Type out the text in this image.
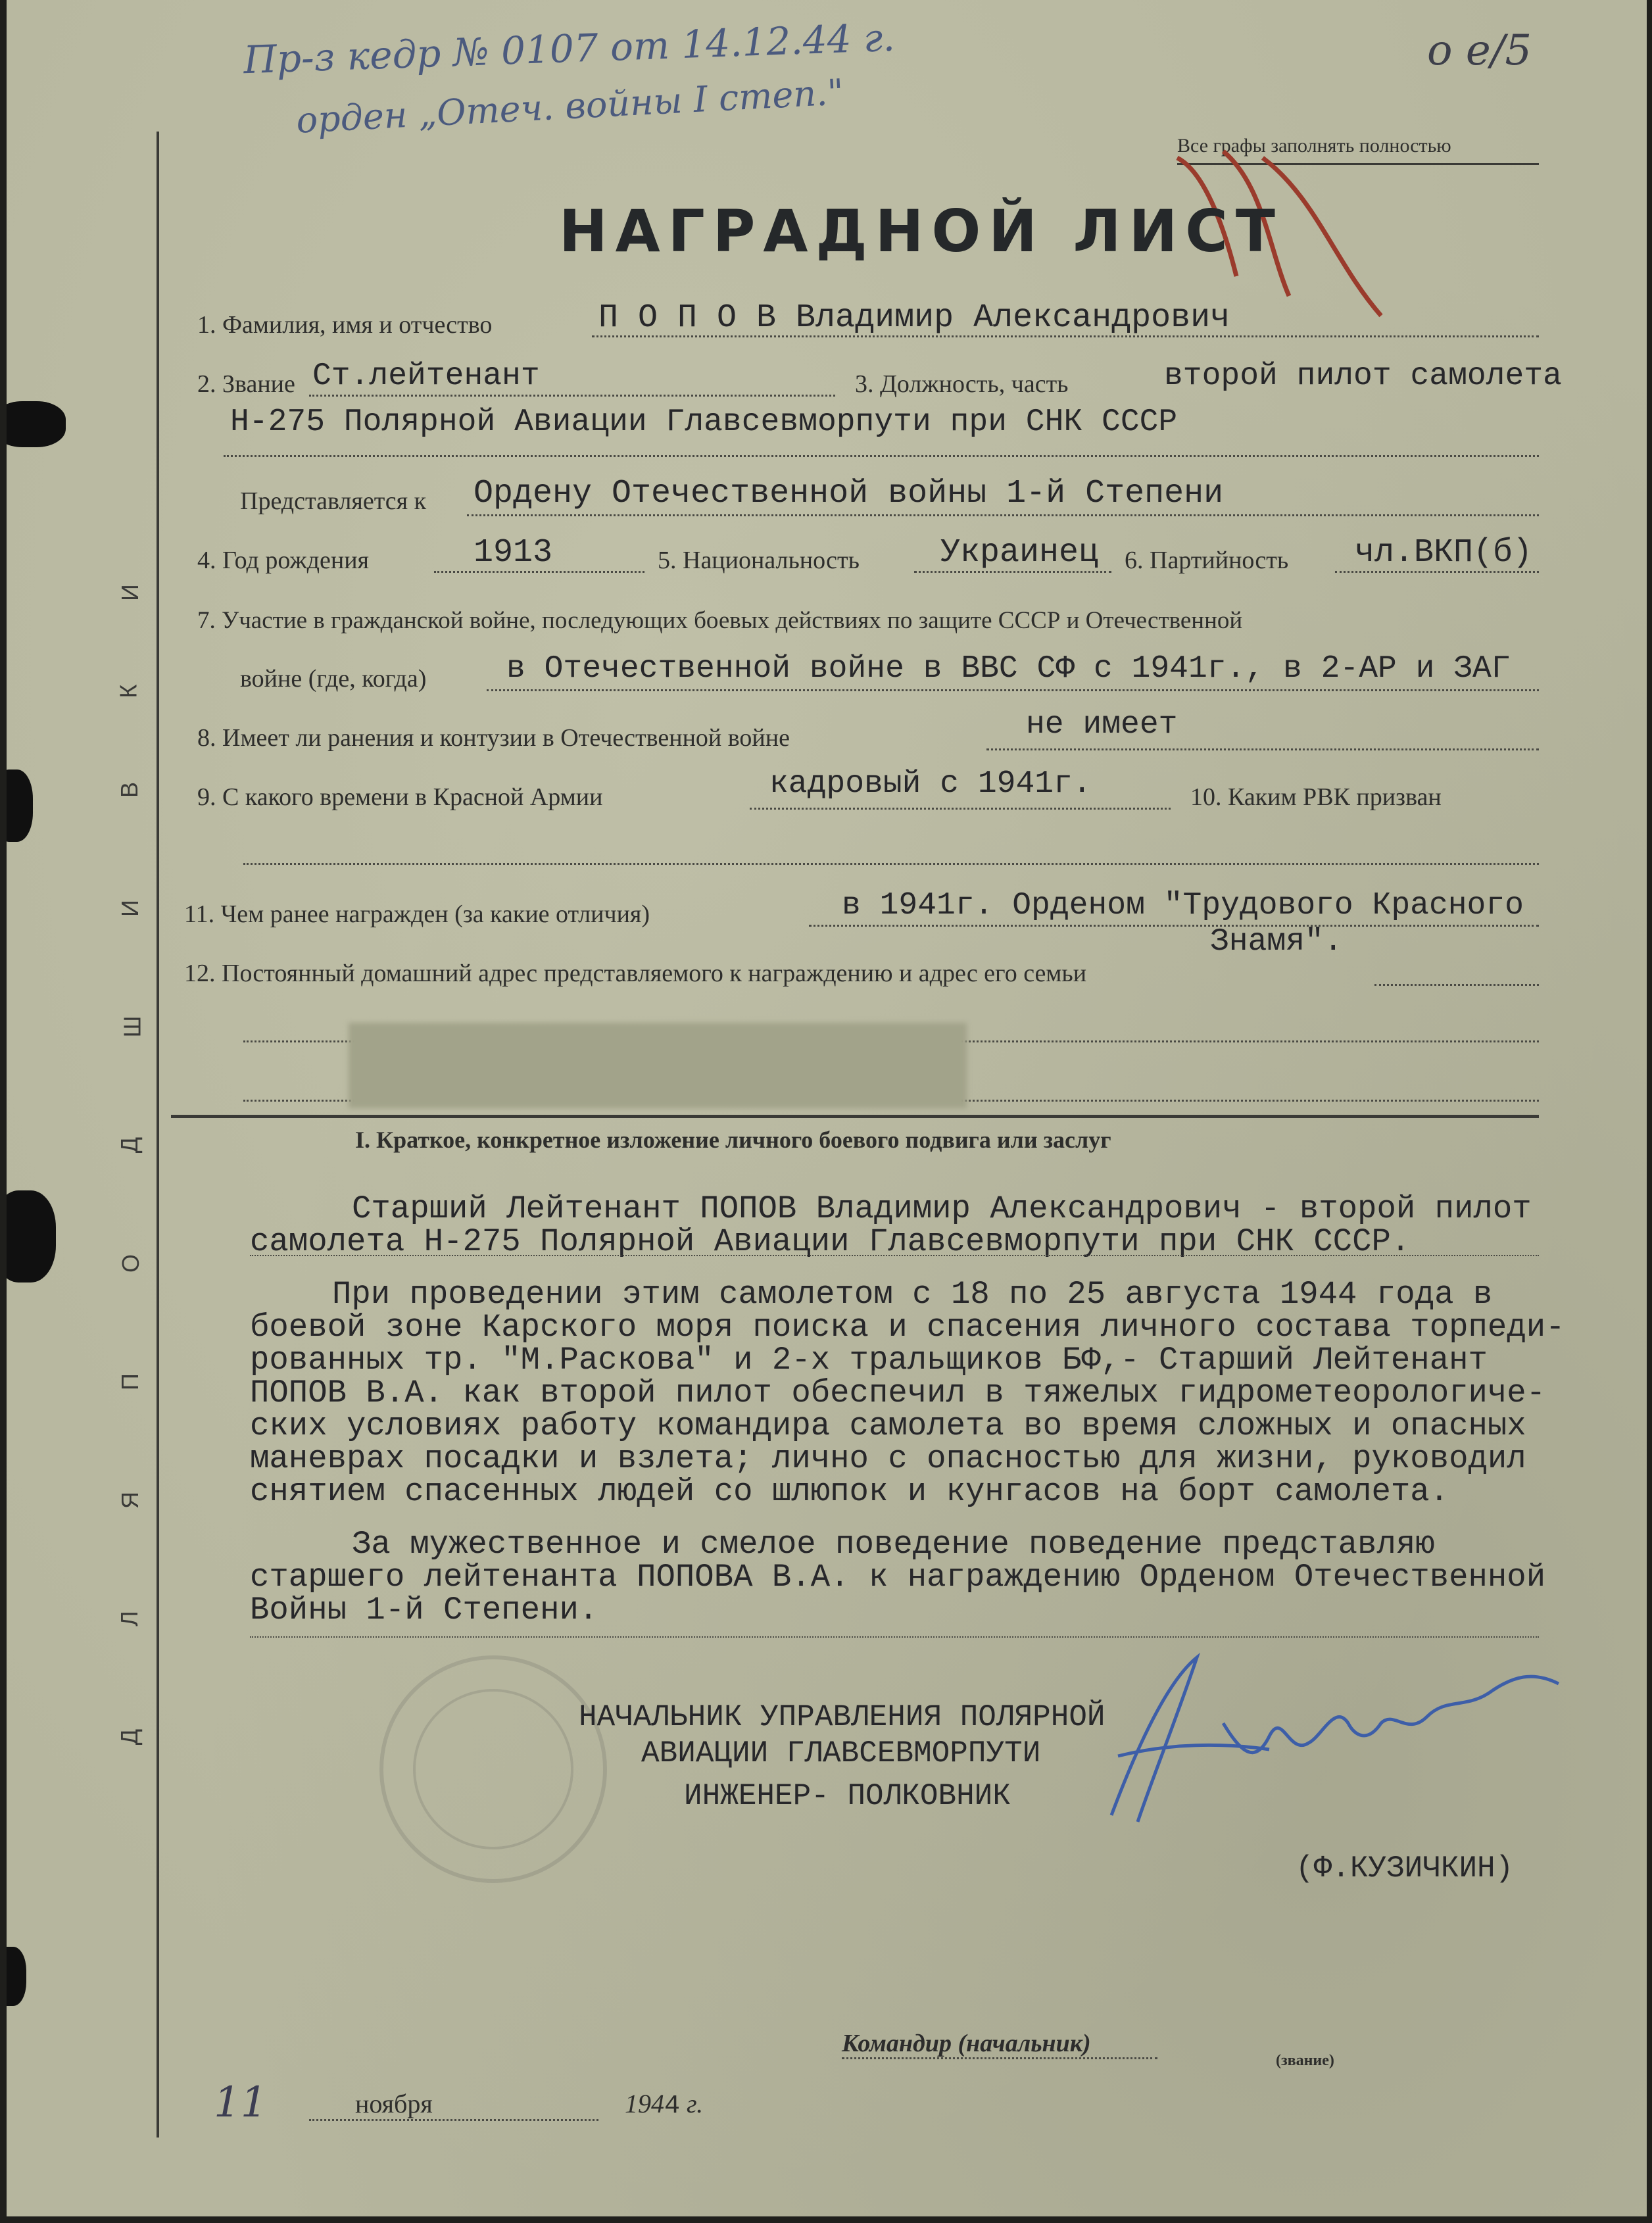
Пр-з кедр № 0107 от 14.12.44 г.
орден „Отеч. войны I степ."
о е/5
Все графы заполнять полностью
НАГРАДНОЙ ЛИСТ
Д
Л
Я
П
О
Д
Ш
И
В
К
И
1. Фамилия, имя и отчество	П О П О В Владимир Александрович
2. Звание Ст.лейтенант	3. Должность, часть	второй пилот самолета
Н-275 Полярной Авиации Главсевморпути при СНК СССР
Представляется к Ордену Отечественной войны 1-й Степени
4. Год рождения	1913	5. Национальность Украинец 6. Партийность чл.ВКП(б)
7. Участие в гражданской войне, последующих боевых действиях по защите СССР и Отечественной
войне (где, когда)	в Отечественной войне в ВВС СФ с 1941г., в 2-АР и ЗАГ
8. Имеет ли ранения и контузии в Отечественной войне	не имеет
9. С какого времени в Красной Армии	кадровый с 1941г.	10. Каким РВК призван
11. Чем ранее награжден (за какие отличия)	в 1941г. Орденом "Трудового Красного
Знамя".
12. Постоянный домашний адрес представляемого к награждению и адрес его семьи
I. Краткое, конкретное изложение личного боевого подвига или заслуг
Старший Лейтенант ПОПОВ Владимир Александрович - второй пилот
самолета Н-275 Полярной Авиации Главсевморпути при СНК СССР.
При проведении этим самолетом с 18 по 25 августа 1944 года в
боевой зоне Карского моря поиска и спасения личного состава торпеди-
рованных тр. "М.Раскова" и 2-х тральщиков БФ,- Старший Лейтенант
ПОПОВ В.А. как второй пилот обеспечил в тяжелых гидрометеорологиче-
ских условиях работу командира самолета во время сложных и опасных
маневрах посадки и взлета; лично с опасностью для жизни, руководил
снятием спасенных людей со шлюпок и кунгасов на борт самолета.
За мужественное и смелое поведение поведение представляю
старшего лейтенанта ПОПОВА В.А. к награждению Орденом Отечественной
Войны 1-й Степени.
НАЧАЛЬНИК УПРАВЛЕНИЯ ПОЛЯРНОЙ
АВИАЦИИ ГЛАВСЕВМОРПУТИ
ИНЖЕНЕР- ПОЛКОВНИК
(Ф.КУЗИЧКИН)
Командир (начальник)
(звание)
11	ноября	1944 г.
